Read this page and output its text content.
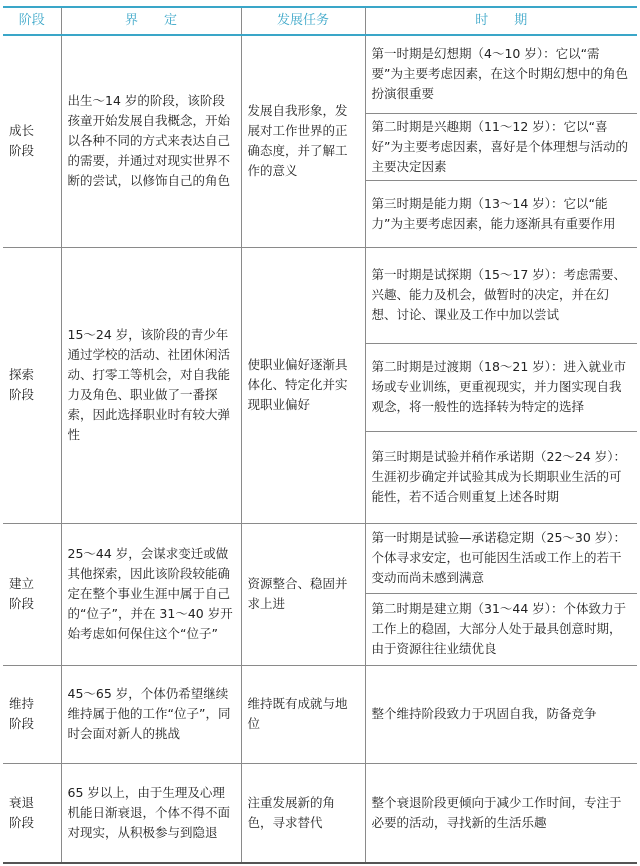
阶段	界　　定	发展任务	时　　期
成长
阶段	出生～14 岁的阶段，该阶段孩童开始发展自我概念，开始以各种不同的方式来表达自己的需要，并通过对现实世界不断的尝试，以修饰自己的角色	发展自我形象，发展对工作世界的正确态度，并了解工作的意义	第一时期是幻想期（4～10 岁）：它以“需要”为主要考虑因素，在这个时期幻想中的角色扮演很重要
			第二时期是兴趣期（11～12 岁）：它以“喜好”为主要考虑因素，喜好是个体理想与活动的主要决定因素
			第三时期是能力期（13～14 岁）：它以“能力”为主要考虑因素，能力逐渐具有重要作用
探索
阶段	15～24 岁，该阶段的青少年通过学校的活动、社团休闲活动、打零工等机会，对自我能力及角色、职业做了一番探索，因此选择职业时有较大弹性	使职业偏好逐渐具体化、特定化并实现职业偏好	第一时期是试探期（15～17 岁）：考虑需要、兴趣、能力及机会，做暂时的决定，并在幻想、讨论、课业及工作中加以尝试
			第二时期是过渡期（18～21 岁）：进入就业市场或专业训练，更重视现实，并力图实现自我观念，将一般性的选择转为特定的选择
			第三时期是试验并稍作承诺期（22～24 岁）：生涯初步确定并试验其成为长期职业生活的可能性，若不适合则重复上述各时期
建立
阶段	25～44 岁，会谋求变迁或做其他探索，因此该阶段较能确定在整个事业生涯中属于自己的“位子”，并在 31～40 岁开始考虑如何保住这个“位子”	资源整合、稳固并求上进	第一时期是试验—承诺稳定期（25～30 岁）：个体寻求安定，也可能因生活或工作上的若干变动而尚未感到满意
			第二时期是建立期（31～44 岁）：个体致力于工作上的稳固，大部分人处于最具创意时期，由于资源往往业绩优良
维持
阶段	45～65 岁，个体仍希望继续维持属于他的工作“位子”，同时会面对新人的挑战	维持既有成就与地位	整个维持阶段致力于巩固自我，防备竞争
衰退
阶段	65 岁以上，由于生理及心理机能日渐衰退，个体不得不面对现实，从积极参与到隐退	注重发展新的角色，寻求替代	整个衰退阶段更倾向于减少工作时间，专注于必要的活动，寻找新的生活乐趣
